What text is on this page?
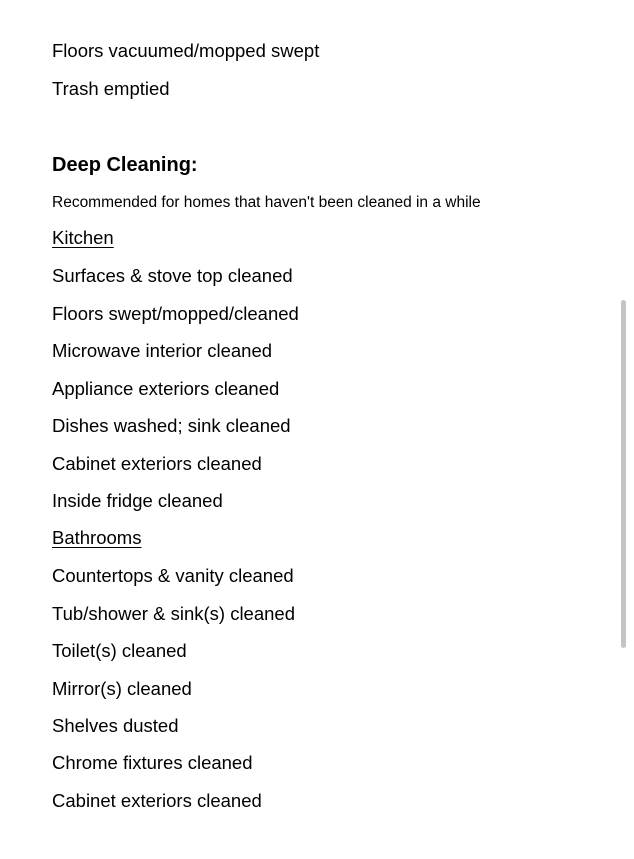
Floors vacuumed/mopped swept
Trash emptied
Deep Cleaning:
Recommended for homes that haven't been cleaned in a while
Kitchen
Surfaces & stove top cleaned
Floors swept/mopped/cleaned
Microwave interior cleaned
Appliance exteriors cleaned
Dishes washed; sink cleaned
Cabinet exteriors cleaned
Inside fridge cleaned
Bathrooms
Countertops & vanity cleaned
Tub/shower & sink(s) cleaned
Toilet(s) cleaned
Mirror(s) cleaned
Shelves dusted
Chrome fixtures cleaned
Cabinet exteriors cleaned
